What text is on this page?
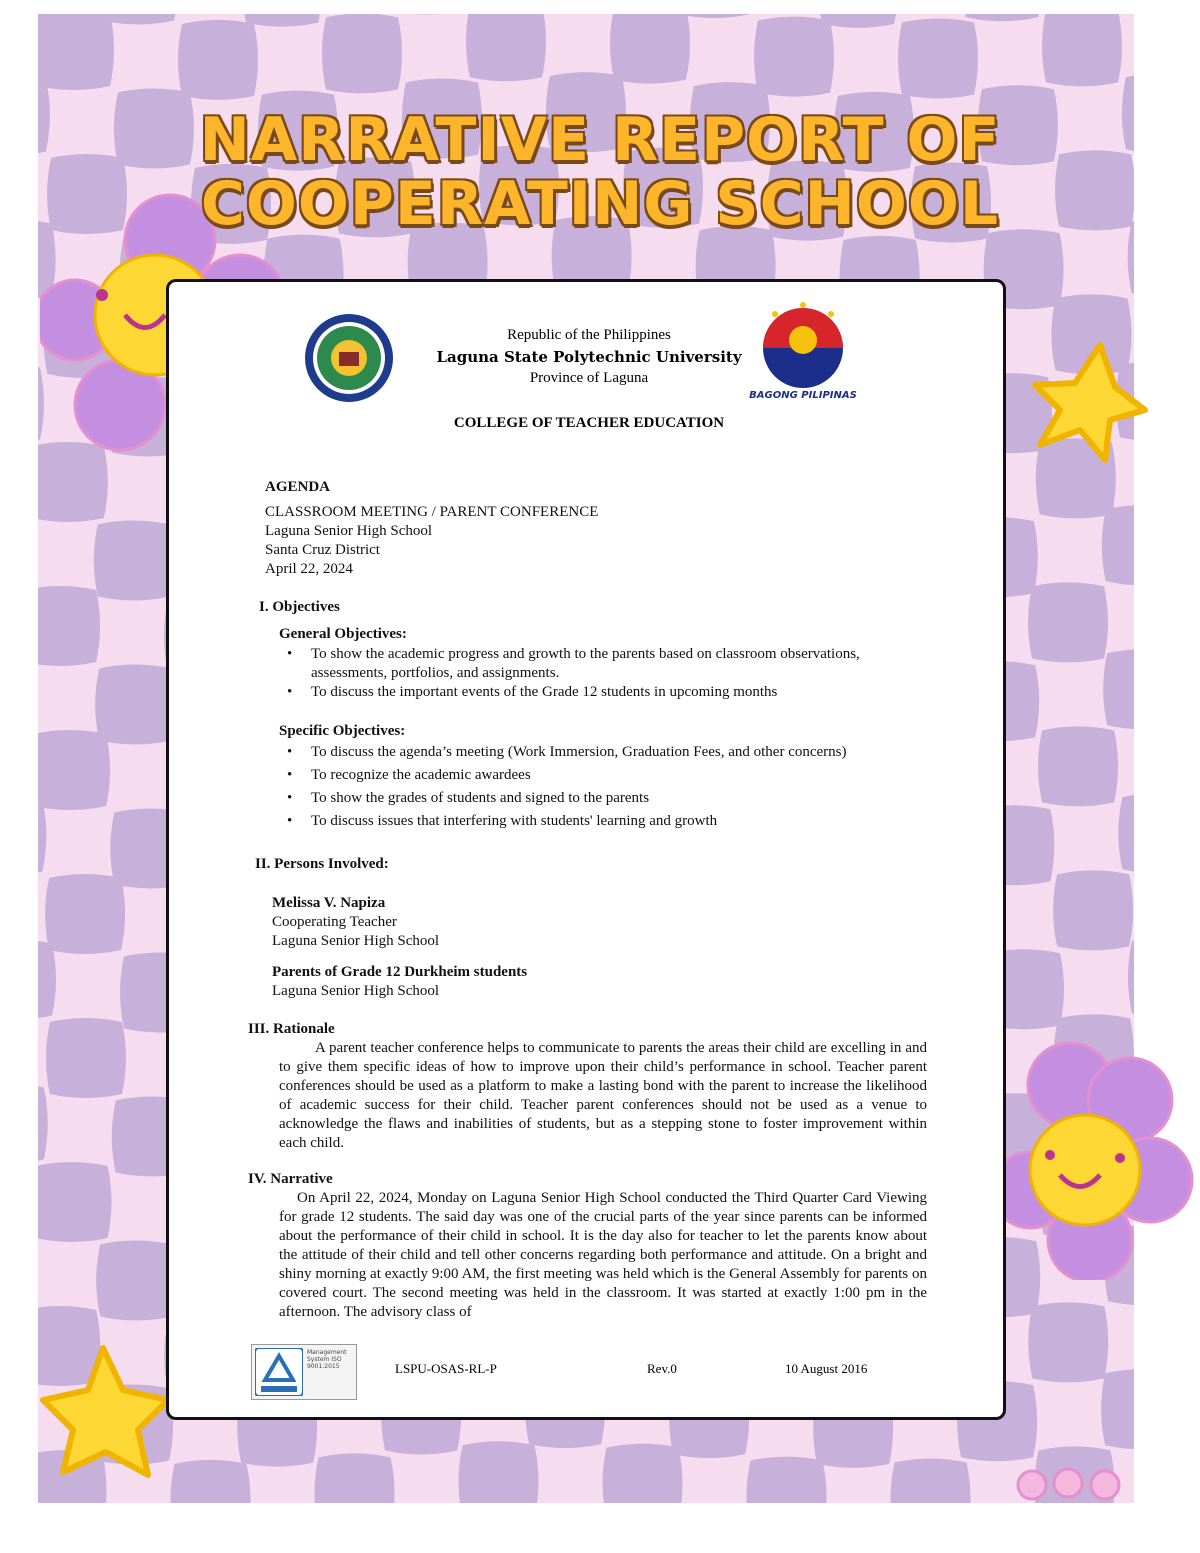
NARRATIVE REPORT OF
COOPERATING SCHOOL
BAGONG PILIPINAS
Republic of the Philippines
Laguna State Polytechnic University
Province of Laguna
COLLEGE OF TEACHER EDUCATION
AGENDA
CLASSROOM MEETING / PARENT CONFERENCE
Laguna Senior High School
Santa Cruz District
April 22, 2024
I. Objectives
General Objectives:
• To show the academic progress and growth to the parents based on classroom observations, assessments, portfolios, and assignments.
• To discuss the important events of the Grade 12 students in upcoming months
Specific Objectives:
• To discuss the agenda’s meeting (Work Immersion, Graduation Fees, and other concerns)
• To recognize the academic awardees
• To show the grades of students and signed to the parents
• To discuss issues that interfering with students' learning and growth
II. Persons Involved:
Melissa V. Napiza
Cooperating Teacher
Laguna Senior High School
Parents of Grade 12 Durkheim students
Laguna Senior High School
III. Rationale
A parent teacher conference helps to communicate to parents the areas their child are excelling in and to give them specific ideas of how to improve upon their child’s performance in school. Teacher parent conferences should be used as a platform to make a lasting bond with the parent to increase the likelihood of academic success for their child. Teacher parent conferences should not be used as a venue to acknowledge the flaws and inabilities of students, but as a stepping stone to foster improvement within each child.
IV. Narrative
On April 22, 2024, Monday on Laguna Senior High School conducted the Third Quarter Card Viewing for grade 12 students. The said day was one of the crucial parts of the year since parents can be informed about the performance of their child in school. It is the day also for teacher to let the parents know about the attitude of their child and tell other concerns regarding both performance and attitude. On a bright and shiny morning at exactly 9:00 AM, the first meeting was held which is the General Assembly for parents on covered court. The second meeting was held in the classroom. It was started at exactly 1:00 pm in the afternoon. The advisory class of
Management System ISO 9001:2015	LSPU-OSAS-RL-P	Rev.0	10 August 2016
